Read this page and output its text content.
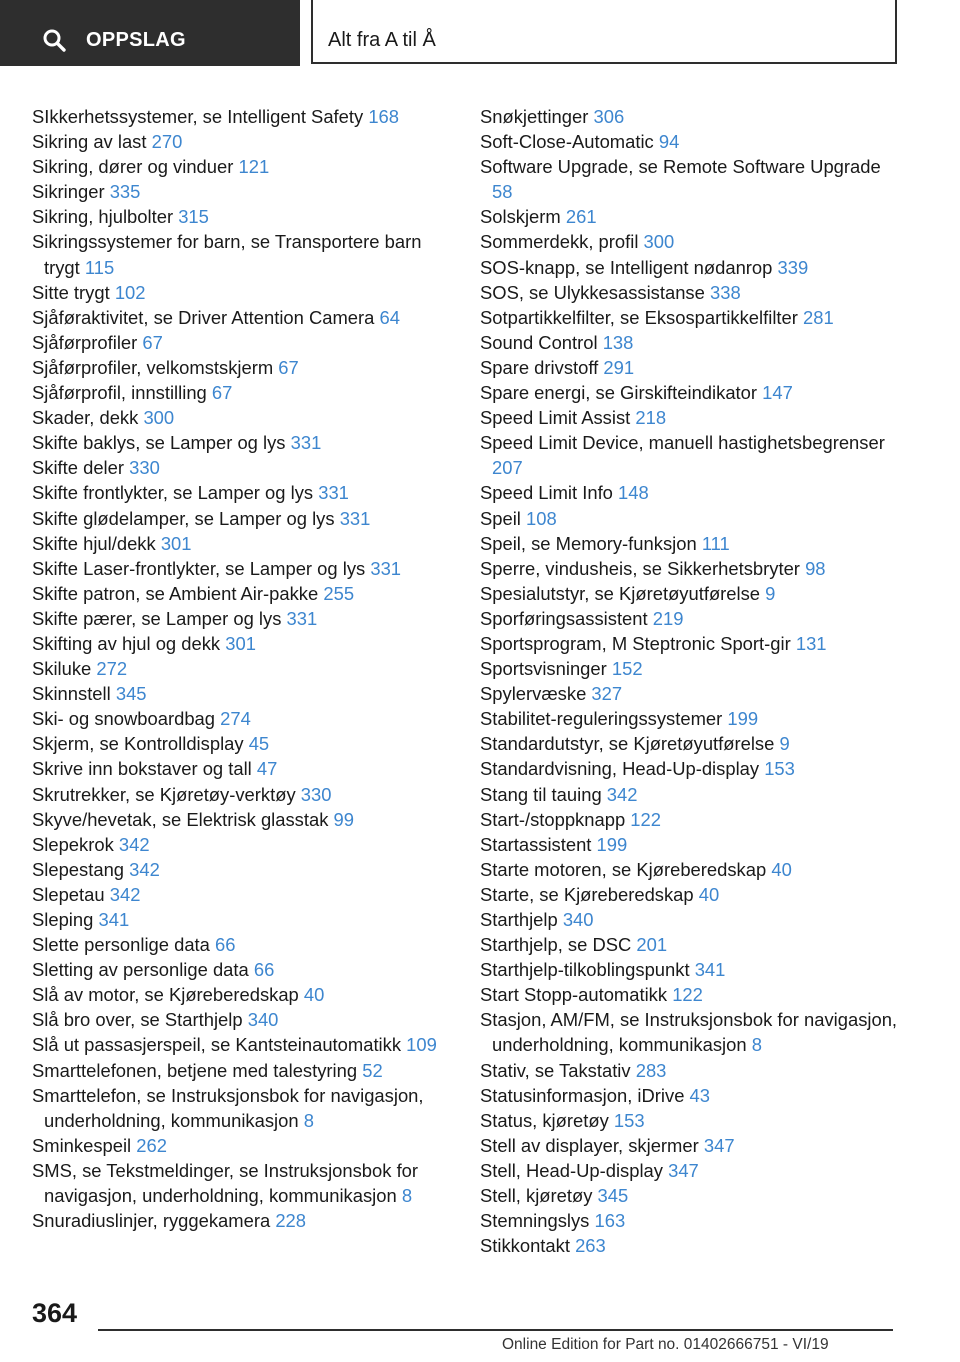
OPPSLAG	Alt fra A til Å
SIkkerhetssystemer, se Intelligent Safety 168
Sikring av last 270
Sikring, dører og vinduer 121
Sikringer 335
Sikring, hjulbolter 315
Sikringssystemer for barn, se Transportere barn trygt 115
Sitte trygt 102
Sjåføraktivitet, se Driver Attention Camera 64
Sjåførprofiler 67
Sjåførprofiler, velkomstskjerm 67
Sjåførprofil, innstilling 67
Skader, dekk 300
Skifte baklys, se Lamper og lys 331
Skifte deler 330
Skifte frontlykter, se Lamper og lys 331
Skifte glødelamper, se Lamper og lys 331
Skifte hjul/dekk 301
Skifte Laser-frontlykter, se Lamper og lys 331
Skifte patron, se Ambient Air-pakke 255
Skifte pærer, se Lamper og lys 331
Skifting av hjul og dekk 301
Skiluke 272
Skinnstell 345
Ski- og snowboardbag 274
Skjerm, se Kontrolldisplay 45
Skrive inn bokstaver og tall 47
Skrutrekker, se Kjøretøy-verktøy 330
Skyve/hevetak, se Elektrisk glasstak 99
Slepekrok 342
Slepestang 342
Slepetau 342
Sleping 341
Slette personlige data 66
Sletting av personlige data 66
Slå av motor, se Kjøreberedskap 40
Slå bro over, se Starthjelp 340
Slå ut passasjerspeil, se Kantsteinautomatikk 109
Smarttelefonen, betjene med talestyring 52
Smarttelefon, se Instruksjonsbok for navigasjon, underholdning, kommunikasjon 8
Sminkespeil 262
SMS, se Tekstmeldinger, se Instruksjonsbok for navigasjon, underholdning, kommunikasjon 8
Snuradiuslinjer, ryggekamera 228
Snøkjettinger 306
Soft-Close-Automatic 94
Software Upgrade, se Remote Software Upgrade 58
Solskjerm 261
Sommerdekk, profil 300
SOS-knapp, se Intelligent nødanrop 339
SOS, se Ulykkesassistanse 338
Sotpartikkelfilter, se Eksospartikkelfilter 281
Sound Control 138
Spare drivstoff 291
Spare energi, se Girskifteindikator 147
Speed Limit Assist 218
Speed Limit Device, manuell hastighetsbegrenser 207
Speed Limit Info 148
Speil 108
Speil, se Memory-funksjon 111
Sperre, vindusheis, se Sikkerhetsbryter 98
Spesialutstyr, se Kjøretøyutførelse 9
Sporføringsassistent 219
Sportsprogram, M Steptronic Sport-gir 131
Sportsvisninger 152
Spylervæske 327
Stabilitet-reguleringssystemer 199
Standardutstyr, se Kjøretøyutførelse 9
Standardvisning, Head-Up-display 153
Stang til tauing 342
Start-/stoppknapp 122
Startassistent 199
Starte motoren, se Kjøreberedskap 40
Starte, se Kjøreberedskap 40
Starthjelp 340
Starthjelp, se DSC 201
Starthjelp-tilkoblingspunkt 341
Start Stopp-automatikk 122
Stasjon, AM/FM, se Instruksjonsbok for navigasjon, underholdning, kommunikasjon 8
Stativ, se Takstativ 283
Statusinformasjon, iDrive 43
Status, kjøretøy 153
Stell av displayer, skjermer 347
Stell, Head-Up-display 347
Stell, kjøretøy 345
Stemningslys 163
Stikkontakt 263
364
Online Edition for Part no. 01402666751 - VI/19
